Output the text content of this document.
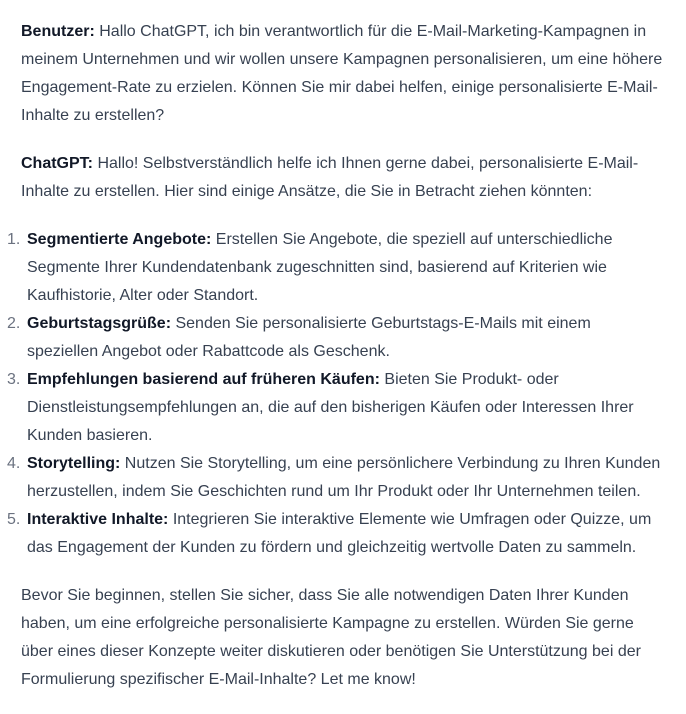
Benutzer: Hallo ChatGPT, ich bin verantwortlich für die E-Mail-Marketing-Kampagnen in meinem Unternehmen und wir wollen unsere Kampagnen personalisieren, um eine höhere Engagement-Rate zu erzielen. Können Sie mir dabei helfen, einige personalisierte E-Mail-Inhalte zu erstellen?

ChatGPT: Hallo! Selbstverständlich helfe ich Ihnen gerne dabei, personalisierte E-Mail-Inhalte zu erstellen. Hier sind einige Ansätze, die Sie in Betracht ziehen könnten:

1. Segmentierte Angebote: Erstellen Sie Angebote, die speziell auf unterschiedliche Segmente Ihrer Kundendatenbank zugeschnitten sind, basierend auf Kriterien wie Kaufhistorie, Alter oder Standort.
2. Geburtstagsgrüße: Senden Sie personalisierte Geburtstags-E-Mails mit einem speziellen Angebot oder Rabattcode als Geschenk.
3. Empfehlungen basierend auf früheren Käufen: Bieten Sie Produkt- oder Dienstleistungsempfehlungen an, die auf den bisherigen Käufen oder Interessen Ihrer Kunden basieren.
4. Storytelling: Nutzen Sie Storytelling, um eine persönlichere Verbindung zu Ihren Kunden herzustellen, indem Sie Geschichten rund um Ihr Produkt oder Ihr Unternehmen teilen.
5. Interaktive Inhalte: Integrieren Sie interaktive Elemente wie Umfragen oder Quizze, um das Engagement der Kunden zu fördern und gleichzeitig wertvolle Daten zu sammeln.

Bevor Sie beginnen, stellen Sie sicher, dass Sie alle notwendigen Daten Ihrer Kunden haben, um eine erfolgreiche personalisierte Kampagne zu erstellen. Würden Sie gerne über eines dieser Konzepte weiter diskutieren oder benötigen Sie Unterstützung bei der Formulierung spezifischer E-Mail-Inhalte? Let me know!
